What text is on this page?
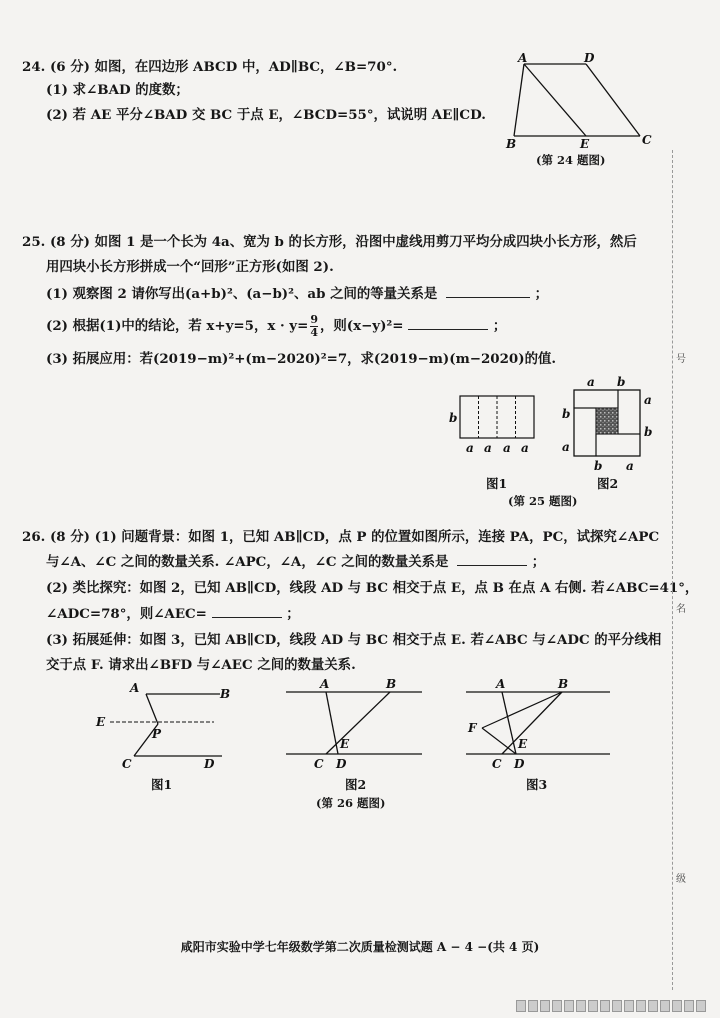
24. (6 分) 如图，在四边形 ABCD 中，AD∥BC，∠B=70°.
(1) 求∠BAD 的度数；
(2) 若 AE 平分∠BAD 交 BC 于点 E，∠BCD=55°，试说明 AE∥CD.
A	D
B	E	C
(第 24 题图)
25. (8 分) 如图 1 是一个长为 4a、宽为 b 的长方形，沿图中虚线用剪刀平均分成四块小长方形，然后
用四块小长方形拼成一个“回形”正方形(如图 2).
(1) 观察图 2 请你写出(a+b)²、(a−b)²、ab 之间的等量关系是	；
(2) 根据(1)中的结论，若 x+y=5，$x \cdot y= \frac{9}{4}$ ，则(x−y)²=	；
(3) 拓展应用：若(2019−m)²+(m−2020)²=7，求(2019−m)(m−2020)的值.
b
a a a a
图1
a b
b
a
a
b
b a
图2
(第 25 题图)
26. (8 分) (1) 问题背景：如图 1，已知 AB∥CD，点 P 的位置如图所示，连接 PA，PC，试探究∠APC
与∠A、∠C 之间的数量关系. ∠APC，∠A，∠C 之间的数量关系是	；
(2) 类比探究：如图 2，已知 AB∥CD，线段 AD 与 BC 相交于点 E，点 B 在点 A 右侧. 若∠ABC=41°，
∠ADC=78°，则∠AEC=	；
(3) 拓展延伸：如图 3，已知 AB∥CD，线段 AD 与 BC 相交于点 E. 若∠ABC 与∠ADC 的平分线相
交于点 F. 请求出∠BFD 与∠AEC 之间的数量关系.
A	B
E
P
C	D
图1
A	B
E
C D
图2
A	B
F
E
C D
图3
(第 26 题图)
号
名
级
咸阳市实验中学七年级数学第二次质量检测试题 A − 4 −(共 4 页)
